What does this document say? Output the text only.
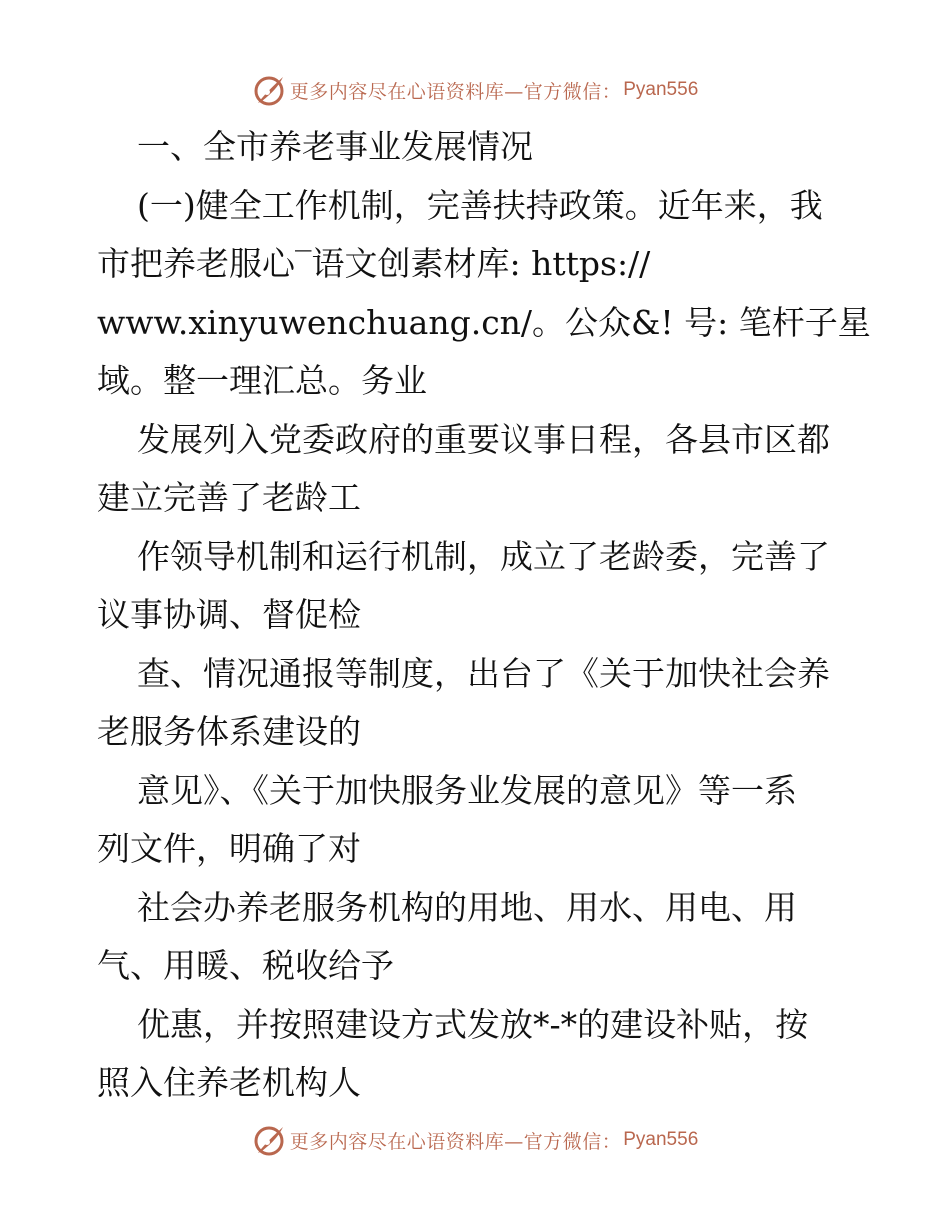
更多内容尽在心语资料库—官方微信： Pyan556
一、全市养老事业发展情况
(一)健全工作机制，完善扶持政策。近年来，我
市把养老服心‾语文创素材库: https://
www.xinyuwenchuang.cn/。公众&! 号: 笔杆子星
域。整一理汇总。务业
发展列入党委政府的重要议事日程，各县市区都
建立完善了老龄工
作领导机制和运行机制，成立了老龄委，完善了
议事协调、督促检
查、情况通报等制度，出台了《关于加快社会养
老服务体系建设的
意见》、《关于加快服务业发展的意见》等一系
列文件，明确了对
社会办养老服务机构的用地、用水、用电、用
气、用暖、税收给予
优惠，并按照建设方式发放*-*的建设补贴，按
照入住养老机构人
更多内容尽在心语资料库—官方微信： Pyan556
